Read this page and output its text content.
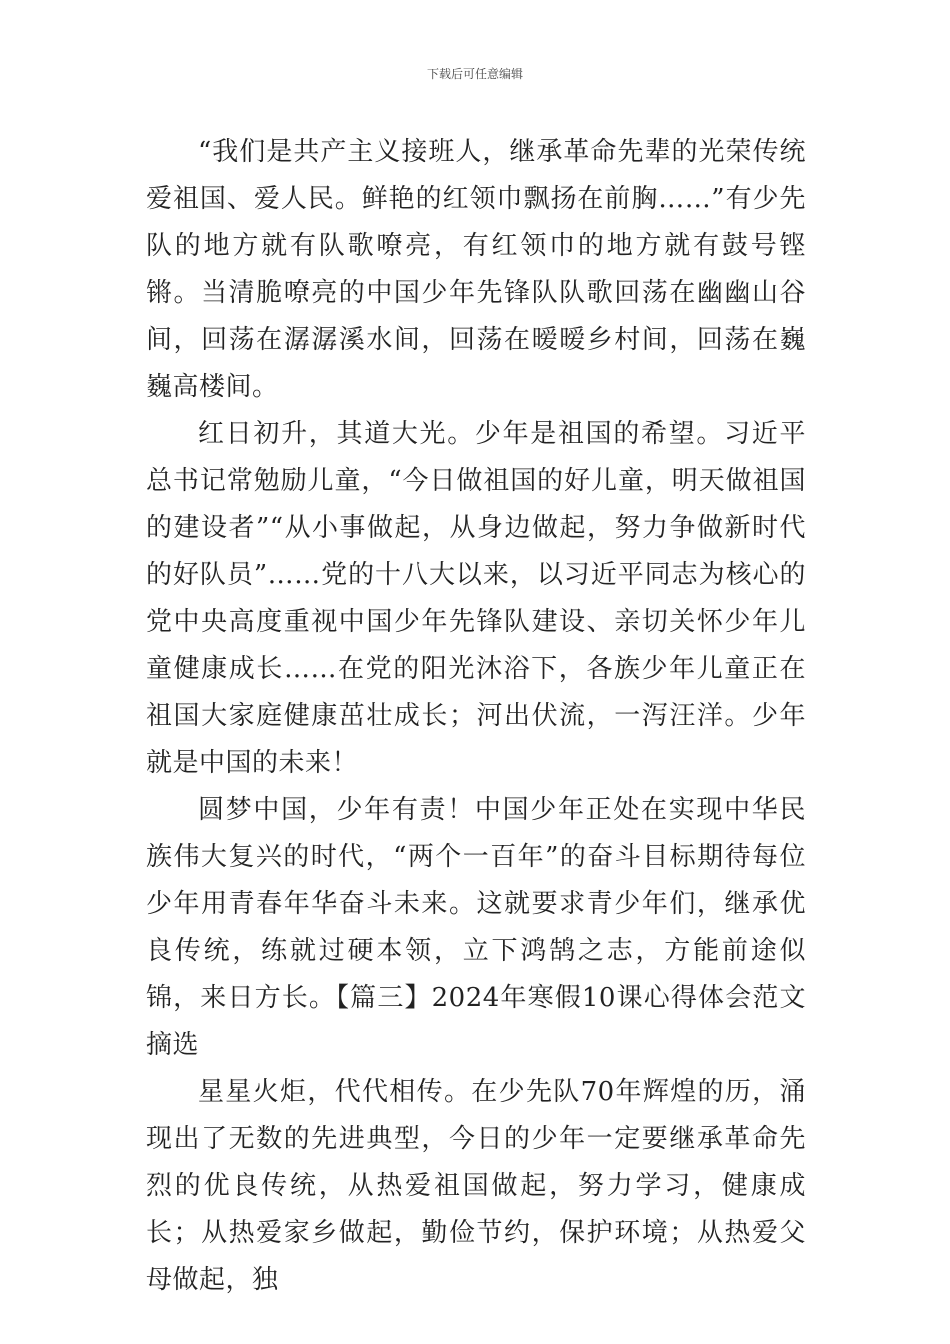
下载后可任意编辑

“我们是共产主义接班人，继承革命先辈的光荣传统爱祖国、爱人民。鲜艳的红领巾飘扬在前胸……”有少先队的地方就有队歌嘹亮，有红领巾的地方就有鼓号铿锵。当清脆嘹亮的中国少年先锋队队歌回荡在幽幽山谷间，回荡在潺潺溪水间，回荡在暧暧乡村间，回荡在巍巍高楼间。

红日初升，其道大光。少年是祖国的希望。习近平总书记常勉励儿童，“今日做祖国的好儿童，明天做祖国的建设者”“从小事做起，从身边做起，努力争做新时代的好队员”……党的十八大以来，以习近平同志为核心的党中央高度重视中国少年先锋队建设、亲切关怀少年儿童健康成长……在党的阳光沐浴下，各族少年儿童正在祖国大家庭健康茁壮成长；河出伏流，一泻汪洋。少年就是中国的未来！

圆梦中国，少年有责！中国少年正处在实现中华民族伟大复兴的时代，“两个一百年”的奋斗目标期待每位少年用青春年华奋斗未来。这就要求青少年们，继承优良传统，练就过硬本领，立下鸿鹄之志，方能前途似锦，来日方长。【篇三】2024年寒假10课心得体会范文摘选

星星火炬，代代相传。在少先队70年辉煌的历，涌现出了无数的先进典型，今日的少年一定要继承革命先烈的优良传统，从热爱祖国做起，努力学习，健康成长；从热爱家乡做起，勤俭节约，保护环境；从热爱父母做起，独
